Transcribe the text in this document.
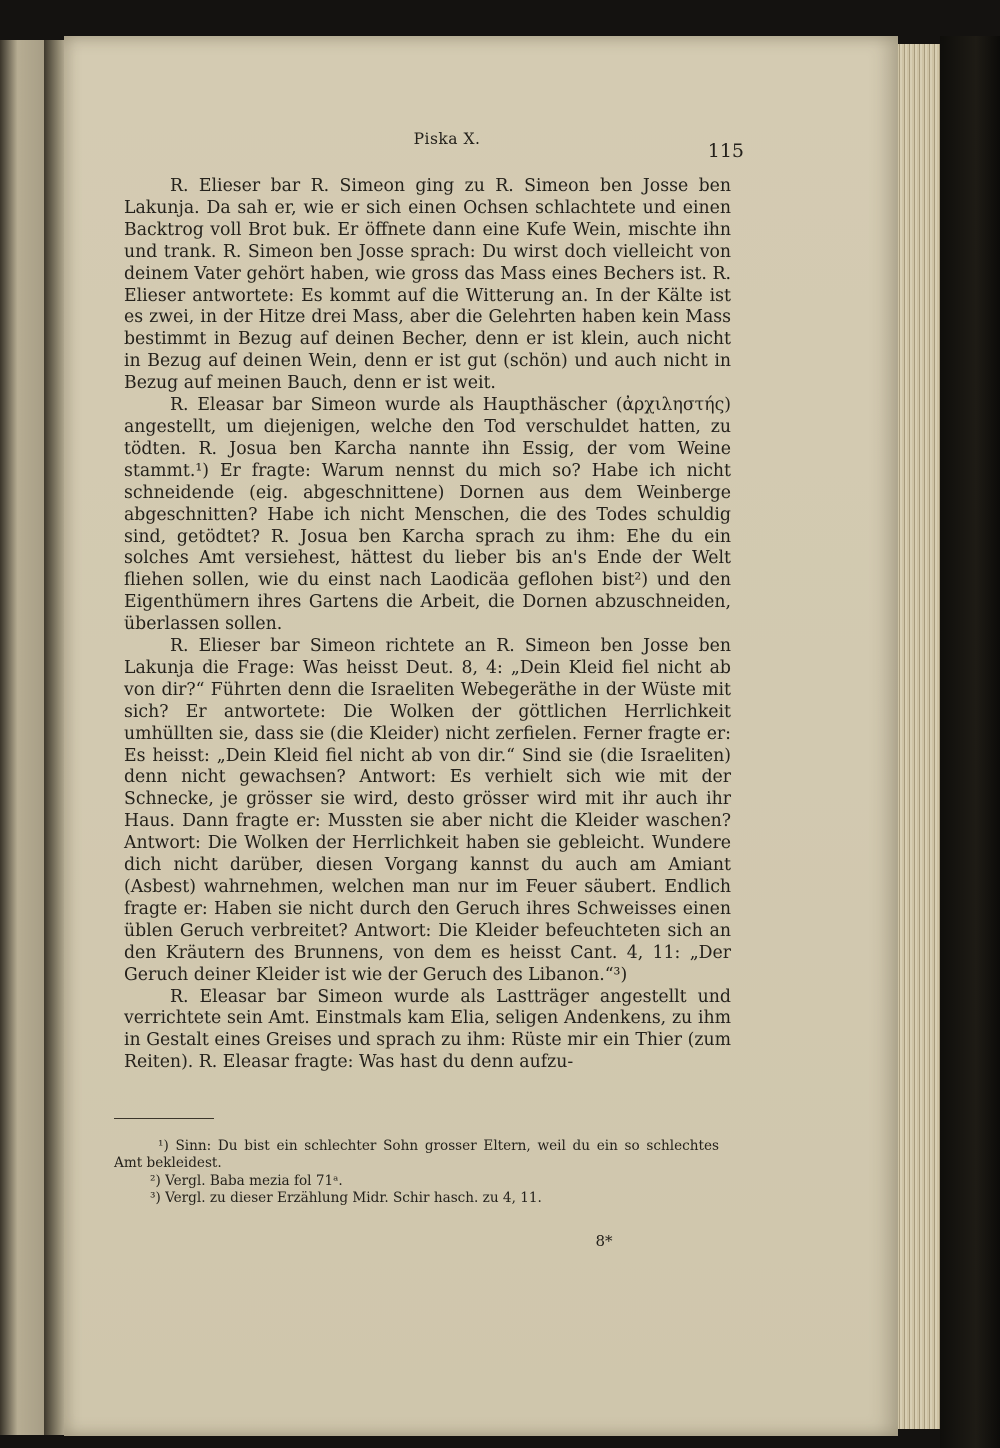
Piska X.
115

R. Elieser bar R. Simeon ging zu R. Simeon ben Josse ben Lakunja. Da sah er, wie er sich einen Ochsen schlachtete und einen Backtrog voll Brot buk. Er öffnete dann eine Kufe Wein, mischte ihn und trank. R. Simeon ben Josse sprach: Du wirst doch vielleicht von deinem Vater gehört haben, wie gross das Mass eines Bechers ist. R. Elieser antwortete: Es kommt auf die Witterung an. In der Kälte ist es zwei, in der Hitze drei Mass, aber die Gelehrten haben kein Mass bestimmt in Bezug auf deinen Becher, denn er ist klein, auch nicht in Bezug auf deinen Wein, denn er ist gut (schön) und auch nicht in Bezug auf meinen Bauch, denn er ist weit.

R. Eleasar bar Simeon wurde als Haupthäscher (ἀρχιληστής) angestellt, um diejenigen, welche den Tod verschuldet hatten, zu tödten. R. Josua ben Karcha nannte ihn Essig, der vom Weine stammt.¹) Er fragte: Warum nennst du mich so? Habe ich nicht schneidende (eig. abgeschnittene) Dornen aus dem Weinberge abgeschnitten? Habe ich nicht Menschen, die des Todes schuldig sind, getödtet? R. Josua ben Karcha sprach zu ihm: Ehe du ein solches Amt versiehest, hättest du lieber bis an's Ende der Welt fliehen sollen, wie du einst nach Laodicäa geflohen bist²) und den Eigenthümern ihres Gartens die Arbeit, die Dornen abzuschneiden, überlassen sollen.

R. Elieser bar Simeon richtete an R. Simeon ben Josse ben Lakunja die Frage: Was heisst Deut. 8, 4: „Dein Kleid fiel nicht ab von dir?“ Führten denn die Israeliten Webegeräthe in der Wüste mit sich? Er antwortete: Die Wolken der göttlichen Herrlichkeit umhüllten sie, dass sie (die Kleider) nicht zerfielen. Ferner fragte er: Es heisst: „Dein Kleid fiel nicht ab von dir.“ Sind sie (die Israeliten) denn nicht gewachsen? Antwort: Es verhielt sich wie mit der Schnecke, je grösser sie wird, desto grösser wird mit ihr auch ihr Haus. Dann fragte er: Mussten sie aber nicht die Kleider waschen? Antwort: Die Wolken der Herrlichkeit haben sie gebleicht. Wundere dich nicht darüber, diesen Vorgang kannst du auch am Amiant (Asbest) wahrnehmen, welchen man nur im Feuer säubert. Endlich fragte er: Haben sie nicht durch den Geruch ihres Schweisses einen üblen Geruch verbreitet? Antwort: Die Kleider befeuchteten sich an den Kräutern des Brunnens, von dem es heisst Cant. 4, 11: „Der Geruch deiner Kleider ist wie der Geruch des Libanon.“³)

R. Eleasar bar Simeon wurde als Lastträger angestellt und verrichtete sein Amt. Einstmals kam Elia, seligen Andenkens, zu ihm in Gestalt eines Greises und sprach zu ihm: Rüste mir ein Thier (zum Reiten). R. Eleasar fragte: Was hast du denn aufzu-

¹) Sinn: Du bist ein schlechter Sohn grosser Eltern, weil du ein so schlechtes Amt bekleidest.

²) Vergl. Baba mezia fol 71ᵃ.

³) Vergl. zu dieser Erzählung Midr. Schir hasch. zu 4, 11.

8*
